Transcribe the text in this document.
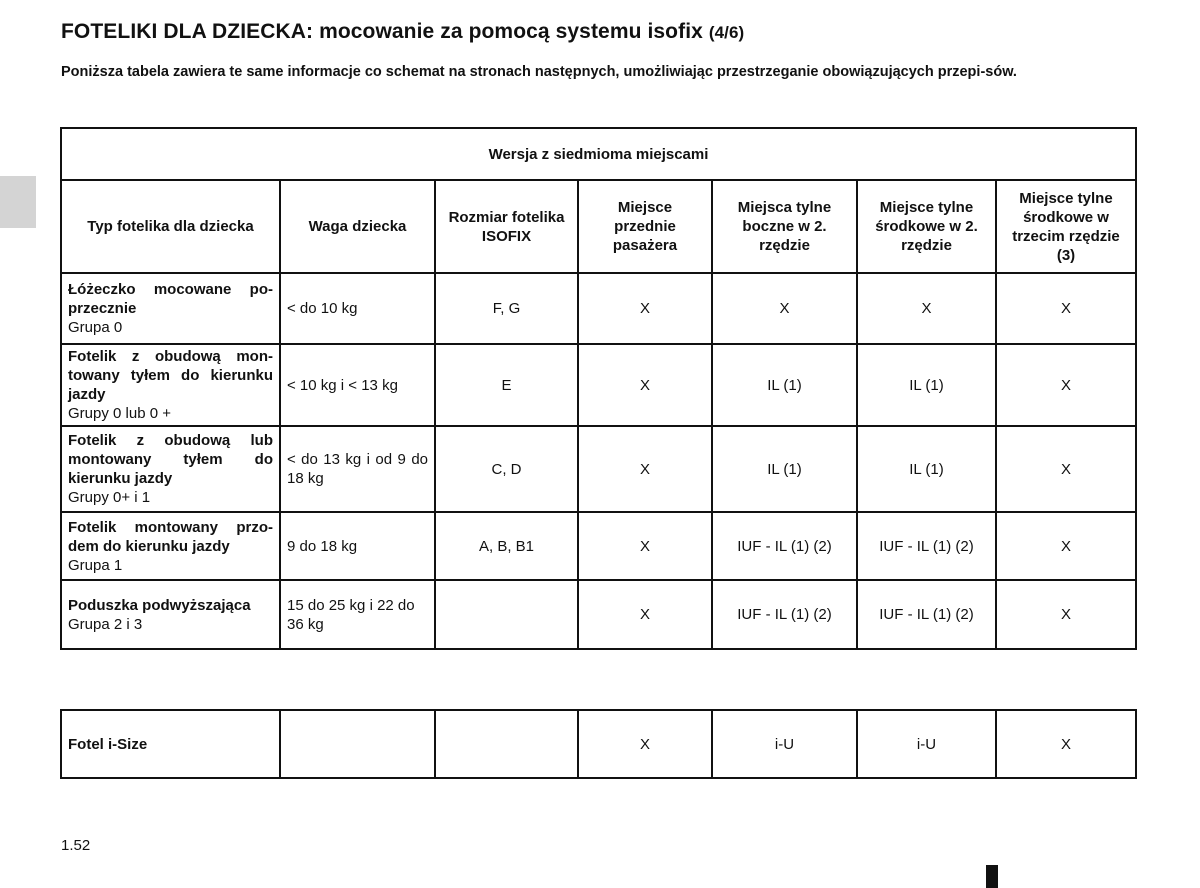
FOTELIKI DLA DZIECKA: mocowanie za pomocą systemu isofix (4/6)

Poniższa tabela zawiera te same informacje co schemat na stronach następnych, umożliwiając przestrzeganie obowiązujących przepi-sów.

Wersja z siedmioma miejscami						
Typ fotelika dla dziecka	Waga dziecka	Rozmiar fotelika ISOFIX	Miejsce przednie pasażera	Miejsca tylne boczne w 2. rzędzie	Miejsce tylne środkowe w 2. rzędzie	Miejsce tylne środkowe w trzecim rzędzie (3)
Łóżeczko mocowane po-przecznie
Grupa 0	< do 10 kg	F, G	X	X	X	X
Fotelik z obudową mon-towany tyłem do kierunku jazdy
Grupy 0 lub 0 +	< 10 kg i < 13 kg	E	X	IL (1)	IL (1)	X
Fotelik z obudową lub montowany tyłem do kierunku jazdy
Grupy 0+ i 1	< do 13 kg i od 9 do 18 kg	C, D	X	IL (1)	IL (1)	X
Fotelik montowany przo-dem do kierunku jazdy
Grupa 1	9 do 18 kg	A, B, B1	X	IUF - IL (1) (2)	IUF - IL (1) (2)	X
Poduszka podwyższająca
Grupa 2 i 3	15 do 25 kg i 22 do 36 kg		X	IUF - IL (1) (2)	IUF - IL (1) (2)	X
Fotel i-Size			X	i-U	i-U	X
1.52
